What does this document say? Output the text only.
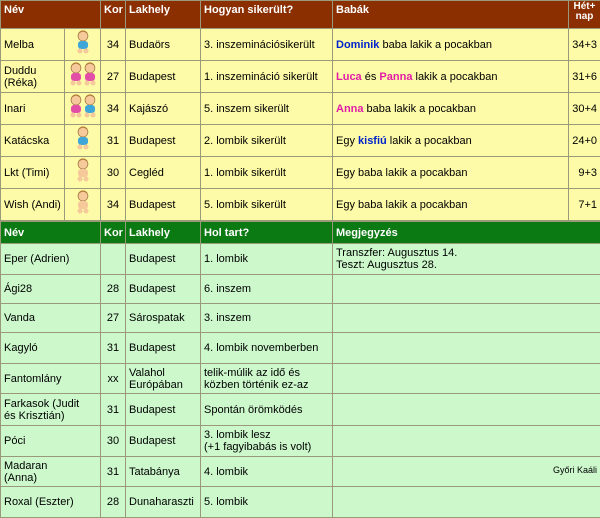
Név		Kor	Lakhely	Hogyan sikerült?	Babák	Hét+
nap
Melba		34	Budaörs	3. inszeminációsikerült	Dominik baba lakik a pocakban	34+3
Duddu
(Réka)		27	Budapest	1. inszemináció sikerült	Luca és Panna lakik a pocakban	31+6
Inari		34	Kajászó	5. inszem sikerült	Anna baba lakik a pocakban	30+4
Katácska		31	Budapest	2. lombik sikerült	Egy kisfiú lakik a pocakban	24+0
Lkt (Timi)		30	Cegléd	1. lombik sikerült	Egy baba lakik a pocakban	9+3
Wish (Andi)		34	Budapest	5. lombik sikerült	Egy baba lakik a pocakban	7+1
Név	Kor	Lakhely	Hol tart?	Megjegyzés
Eper (Adrien)		Budapest	1. lombik	Transzfer: Augusztus 14.
Teszt: Augusztus 28.
Ági28	28	Budapest	6. inszem	
Vanda	27	Sárospatak	3. inszem	
Kagyló	31	Budapest	4. lombik novemberben	
Fantomlány	xx	Valahol
Európában	telik-múlik az idő és
közben történik ez-az	
Farkasok (Judit
és Krisztián)	31	Budapest	Spontán örömködés	
Póci	30	Budapest	3. lombik lesz
(+1 fagyibabás is volt)	
Madaran
(Anna)	31	Tatabánya	4. lombik	Győri Kaáli

Roxal (Eszter)	28	Dunaharaszti	5. lombik	
